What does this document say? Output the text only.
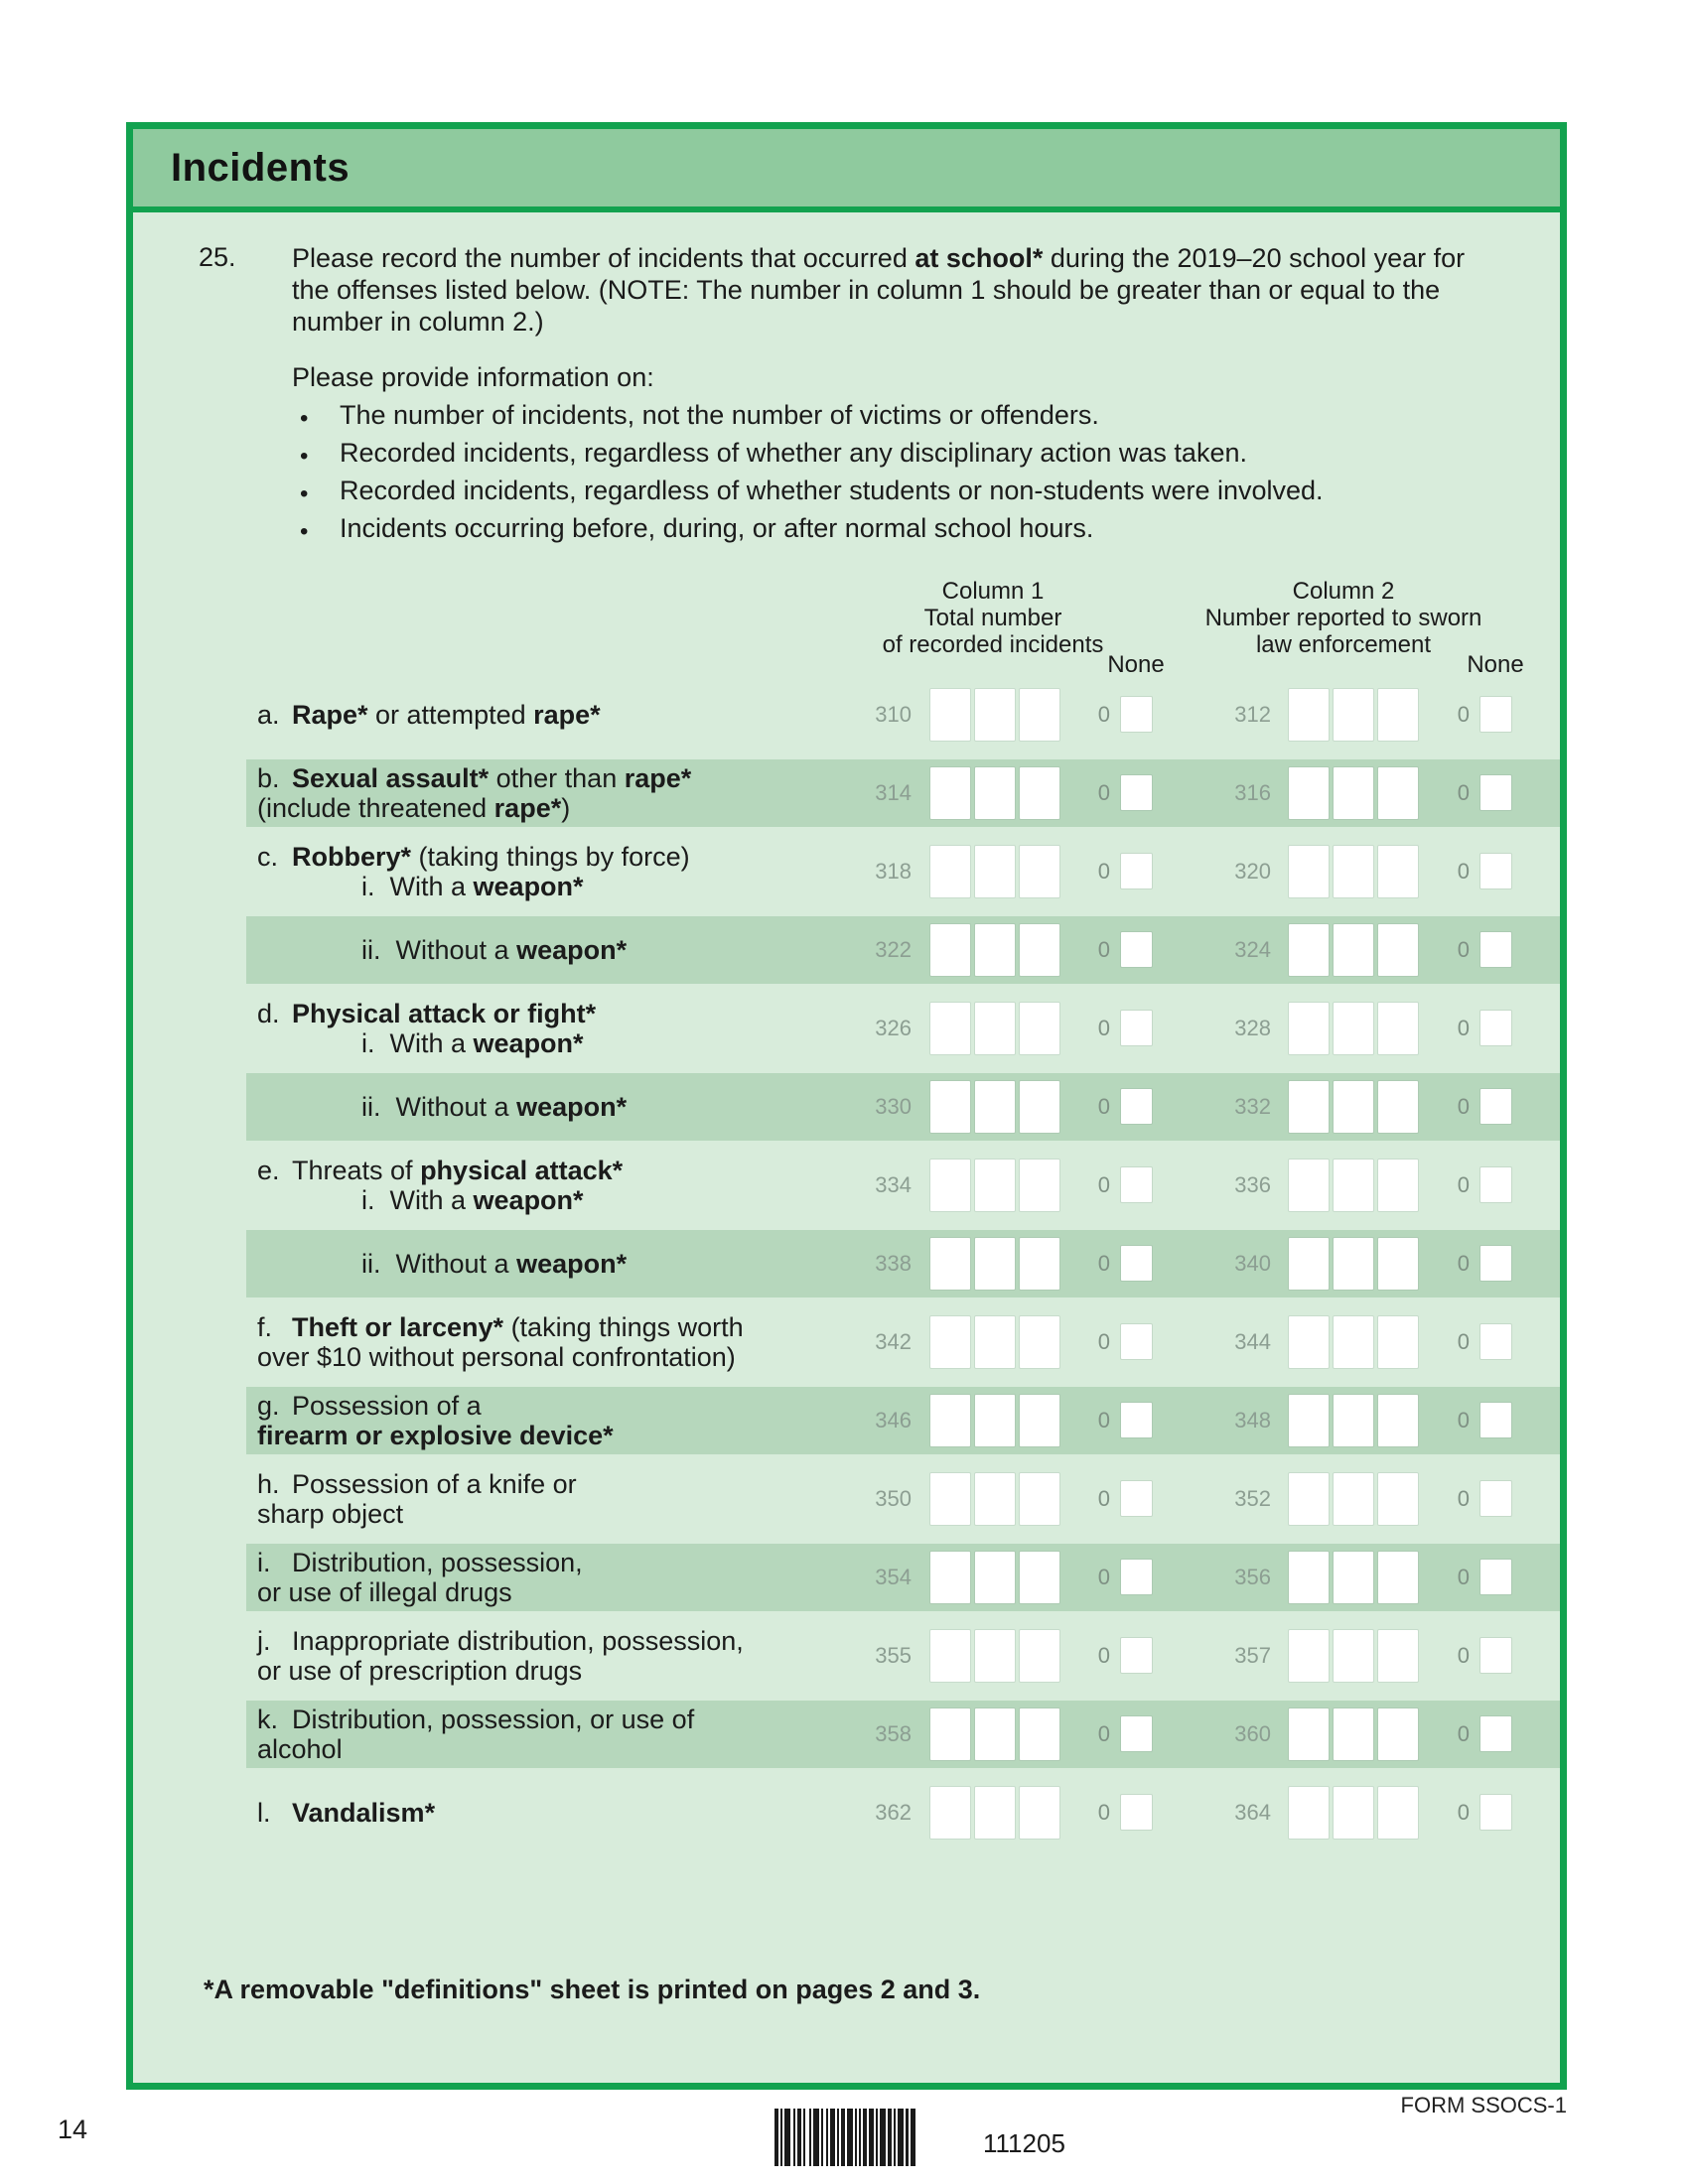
Incidents
25. Please record the number of incidents that occurred at school* during the 2019–20 school year for the offenses listed below. (NOTE: The number in column 1 should be greater than or equal to the number in column 2.)
Please provide information on:
• The number of incidents, not the number of victims or offenders.
• Recorded incidents, regardless of whether any disciplinary action was taken.
• Recorded incidents, regardless of whether students or non-students were involved.
• Incidents occurring before, during, or after normal school hours.
Column 1
Total number
of recorded incidents
Column 2
Number reported to sworn
law enforcement
None	None
a. Rape* or attempted rape*	310	0	312	0
b. Sexual assault* other than rape*
(include threatened rape*)
314	0	316	0
c. Robbery* (taking things by force)
i.  With a weapon*
318	0	320	0
ii.  Without a weapon*	322	0	324	0
d. Physical attack or fight*
i.  With a weapon*
326	0	328	0
ii.  Without a weapon*	330	0	332	0
e. Threats of physical attack*
i.  With a weapon*
334	0	336	0
ii.  Without a weapon*	338	0	340	0
f. Theft or larceny* (taking things worth
over $10 without personal confrontation)
342	0	344	0
g. Possession of a
firearm or explosive device*
346	0	348	0
h. Possession of a knife or
sharp object
350	0	352	0
i. Distribution, possession,
or use of illegal drugs
354	0	356	0
j. Inappropriate distribution, possession,
or use of prescription drugs
355	0	357	0
k. Distribution, possession, or use of
alcohol
358	0	360	0
l. Vandalism*	362	0	364	0
*A removable "definitions" sheet is printed on pages 2 and 3.
FORM SSOCS-1
14	111205
